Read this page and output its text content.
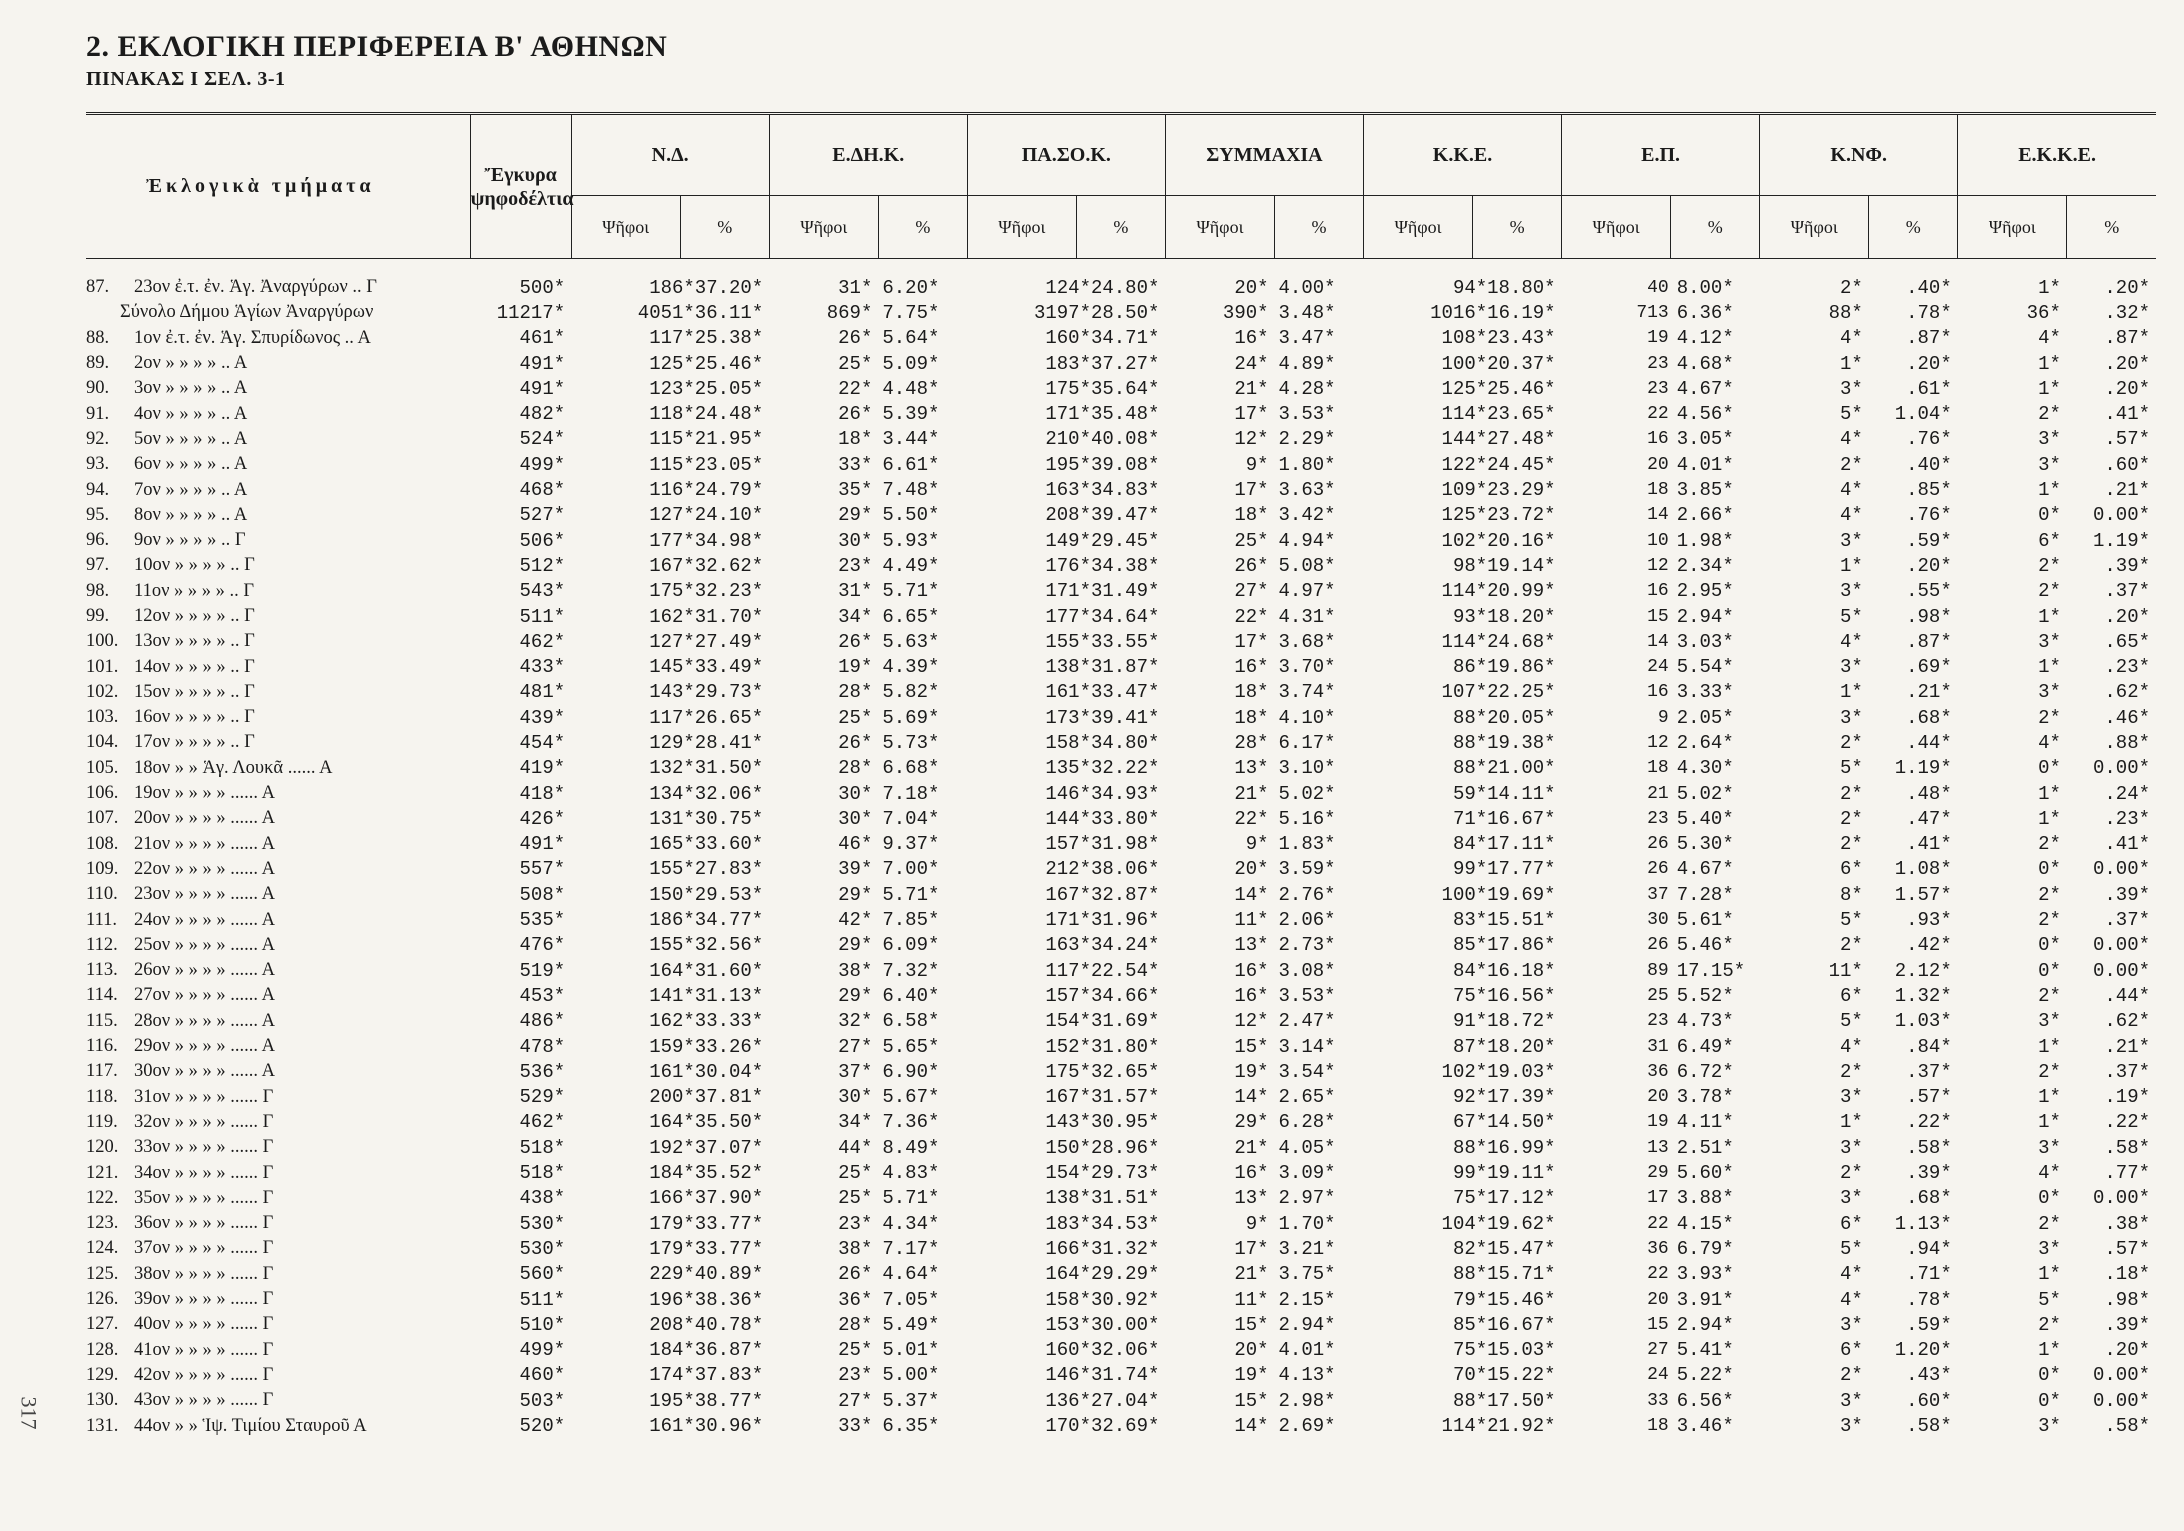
2. ΕΚΛΟΓΙΚΗ ΠΕΡΙΦΕΡΕΙΑ Β' ΑΘΗΝΩΝ
ΠΙΝΑΚΑΣ Ι ΣΕΛ. 3-1
317
Ἐκλογικὰ τμήματα	Ἔγκυρα ψηφοδέλτια	Ν.Δ.		Ε.ΔΗ.Κ.		ΠΑ.ΣΟ.Κ.		ΣΥΜΜΑΧΙΑ		Κ.Κ.Ε.		Ε.Π.		Κ.ΝΦ.		Ε.Κ.Κ.Ε.	
		Ψῆφοι	%	Ψῆφοι	%	Ψῆφοι	%	Ψῆφοι	%	Ψῆφοι	%	Ψῆφοι	%	Ψῆφοι	%	Ψῆφοι	%

87. 23ον ἐ.τ. ἐν. Ἁγ. Ἀναργύρων .. Γ	500*	186*37.20*		31*	6.20*	124*24.80*		20*	4.00*	94*18.80*		40	8.00*	2*	.40*	1*	.20*
Σύνολο Δήμου Ἁγίων Ἀναργύρων	11217*	4051*36.11*		869*	7.75*	3197*28.50*		390*	3.48*	1016*16.19*		713	6.36*	88*	.78*	36*	.32*
88. 1ον ἐ.τ. ἐν. Ἁγ. Σπυρίδωνος .. Α	461*	117*25.38*		26*	5.64*	160*34.71*		16*	3.47*	108*23.43*		19	4.12*	4*	.87*	4*	.87*
89. 2ον » » » » .. Α	491*	125*25.46*		25*	5.09*	183*37.27*		24*	4.89*	100*20.37*		23	4.68*	1*	.20*	1*	.20*
90. 3ον » » » » .. Α	491*	123*25.05*		22*	4.48*	175*35.64*		21*	4.28*	125*25.46*		23	4.67*	3*	.61*	1*	.20*
91. 4ον » » » » .. Α	482*	118*24.48*		26*	5.39*	171*35.48*		17*	3.53*	114*23.65*		22	4.56*	5*	1.04*	2*	.41*
92. 5ον » » » » .. Α	524*	115*21.95*		18*	3.44*	210*40.08*		12*	2.29*	144*27.48*		16	3.05*	4*	.76*	3*	.57*
93. 6ον » » » » .. Α	499*	115*23.05*		33*	6.61*	195*39.08*		9*	1.80*	122*24.45*		20	4.01*	2*	.40*	3*	.60*
94. 7ον » » » » .. Α	468*	116*24.79*		35*	7.48*	163*34.83*		17*	3.63*	109*23.29*		18	3.85*	4*	.85*	1*	.21*
95. 8ον » » » » .. Α	527*	127*24.10*		29*	5.50*	208*39.47*		18*	3.42*	125*23.72*		14	2.66*	4*	.76*	0*	0.00*
96. 9ον » » » » .. Γ	506*	177*34.98*		30*	5.93*	149*29.45*		25*	4.94*	102*20.16*		10	1.98*	3*	.59*	6*	1.19*
97. 10ον » » » » .. Γ	512*	167*32.62*		23*	4.49*	176*34.38*		26*	5.08*	98*19.14*		12	2.34*	1*	.20*	2*	.39*
98. 11ον » » » » .. Γ	543*	175*32.23*		31*	5.71*	171*31.49*		27*	4.97*	114*20.99*		16	2.95*	3*	.55*	2*	.37*
99. 12ον » » » » .. Γ	511*	162*31.70*		34*	6.65*	177*34.64*		22*	4.31*	93*18.20*		15	2.94*	5*	.98*	1*	.20*
100. 13ον » » » » .. Γ	462*	127*27.49*		26*	5.63*	155*33.55*		17*	3.68*	114*24.68*		14	3.03*	4*	.87*	3*	.65*
101. 14ον » » » » .. Γ	433*	145*33.49*		19*	4.39*	138*31.87*		16*	3.70*	86*19.86*		24	5.54*	3*	.69*	1*	.23*
102. 15ον » » » » .. Γ	481*	143*29.73*		28*	5.82*	161*33.47*		18*	3.74*	107*22.25*		16	3.33*	1*	.21*	3*	.62*
103. 16ον » » » » .. Γ	439*	117*26.65*		25*	5.69*	173*39.41*		18*	4.10*	88*20.05*		9	2.05*	3*	.68*	2*	.46*
104. 17ον » » » » .. Γ	454*	129*28.41*		26*	5.73*	158*34.80*		28*	6.17*	88*19.38*		12	2.64*	2*	.44*	4*	.88*
105. 18ον » » Ἁγ. Λουκᾶ ...... Α	419*	132*31.50*		28*	6.68*	135*32.22*		13*	3.10*	88*21.00*		18	4.30*	5*	1.19*	0*	0.00*
106. 19ον » » » » ...... Α	418*	134*32.06*		30*	7.18*	146*34.93*		21*	5.02*	59*14.11*		21	5.02*	2*	.48*	1*	.24*
107. 20ον » » » » ...... Α	426*	131*30.75*		30*	7.04*	144*33.80*		22*	5.16*	71*16.67*		23	5.40*	2*	.47*	1*	.23*
108. 21ον » » » » ...... Α	491*	165*33.60*		46*	9.37*	157*31.98*		9*	1.83*	84*17.11*		26	5.30*	2*	.41*	2*	.41*
109. 22ον » » » » ...... Α	557*	155*27.83*		39*	7.00*	212*38.06*		20*	3.59*	99*17.77*		26	4.67*	6*	1.08*	0*	0.00*
110. 23ον » » » » ...... Α	508*	150*29.53*		29*	5.71*	167*32.87*		14*	2.76*	100*19.69*		37	7.28*	8*	1.57*	2*	.39*
111. 24ον » » » » ...... Α	535*	186*34.77*		42*	7.85*	171*31.96*		11*	2.06*	83*15.51*		30	5.61*	5*	.93*	2*	.37*
112. 25ον » » » » ...... Α	476*	155*32.56*		29*	6.09*	163*34.24*		13*	2.73*	85*17.86*		26	5.46*	2*	.42*	0*	0.00*
113. 26ον » » » » ...... Α	519*	164*31.60*		38*	7.32*	117*22.54*		16*	3.08*	84*16.18*		89	17.15*	11*	2.12*	0*	0.00*
114. 27ον » » » » ...... Α	453*	141*31.13*		29*	6.40*	157*34.66*		16*	3.53*	75*16.56*		25	5.52*	6*	1.32*	2*	.44*
115. 28ον » » » » ...... Α	486*	162*33.33*		32*	6.58*	154*31.69*		12*	2.47*	91*18.72*		23	4.73*	5*	1.03*	3*	.62*
116. 29ον » » » » ...... Α	478*	159*33.26*		27*	5.65*	152*31.80*		15*	3.14*	87*18.20*		31	6.49*	4*	.84*	1*	.21*
117. 30ον » » » » ...... Α	536*	161*30.04*		37*	6.90*	175*32.65*		19*	3.54*	102*19.03*		36	6.72*	2*	.37*	2*	.37*
118. 31ον » » » » ...... Γ	529*	200*37.81*		30*	5.67*	167*31.57*		14*	2.65*	92*17.39*		20	3.78*	3*	.57*	1*	.19*
119. 32ον » » » » ...... Γ	462*	164*35.50*		34*	7.36*	143*30.95*		29*	6.28*	67*14.50*		19	4.11*	1*	.22*	1*	.22*
120. 33ον » » » » ...... Γ	518*	192*37.07*		44*	8.49*	150*28.96*		21*	4.05*	88*16.99*		13	2.51*	3*	.58*	3*	.58*
121. 34ον » » » » ...... Γ	518*	184*35.52*		25*	4.83*	154*29.73*		16*	3.09*	99*19.11*		29	5.60*	2*	.39*	4*	.77*
122. 35ον » » » » ...... Γ	438*	166*37.90*		25*	5.71*	138*31.51*		13*	2.97*	75*17.12*		17	3.88*	3*	.68*	0*	0.00*
123. 36ον » » » » ...... Γ	530*	179*33.77*		23*	4.34*	183*34.53*		9*	1.70*	104*19.62*		22	4.15*	6*	1.13*	2*	.38*
124. 37ον » » » » ...... Γ	530*	179*33.77*		38*	7.17*	166*31.32*		17*	3.21*	82*15.47*		36	6.79*	5*	.94*	3*	.57*
125. 38ον » » » » ...... Γ	560*	229*40.89*		26*	4.64*	164*29.29*		21*	3.75*	88*15.71*		22	3.93*	4*	.71*	1*	.18*
126. 39ον » » » » ...... Γ	511*	196*38.36*		36*	7.05*	158*30.92*		11*	2.15*	79*15.46*		20	3.91*	4*	.78*	5*	.98*
127. 40ον » » » » ...... Γ	510*	208*40.78*		28*	5.49*	153*30.00*		15*	2.94*	85*16.67*		15	2.94*	3*	.59*	2*	.39*
128. 41ον » » » » ...... Γ	499*	184*36.87*		25*	5.01*	160*32.06*		20*	4.01*	75*15.03*		27	5.41*	6*	1.20*	1*	.20*
129. 42ον » » » » ...... Γ	460*	174*37.83*		23*	5.00*	146*31.74*		19*	4.13*	70*15.22*		24	5.22*	2*	.43*	0*	0.00*
130. 43ον » » » » ...... Γ	503*	195*38.77*		27*	5.37*	136*27.04*		15*	2.98*	88*17.50*		33	6.56*	3*	.60*	0*	0.00*
131. 44ον » » Ἱψ. Τιμίου Σταυροῦ Α	520*	161*30.96*		33*	6.35*	170*32.69*		14*	2.69*	114*21.92*		18	3.46*	3*	.58*	3*	.58*
